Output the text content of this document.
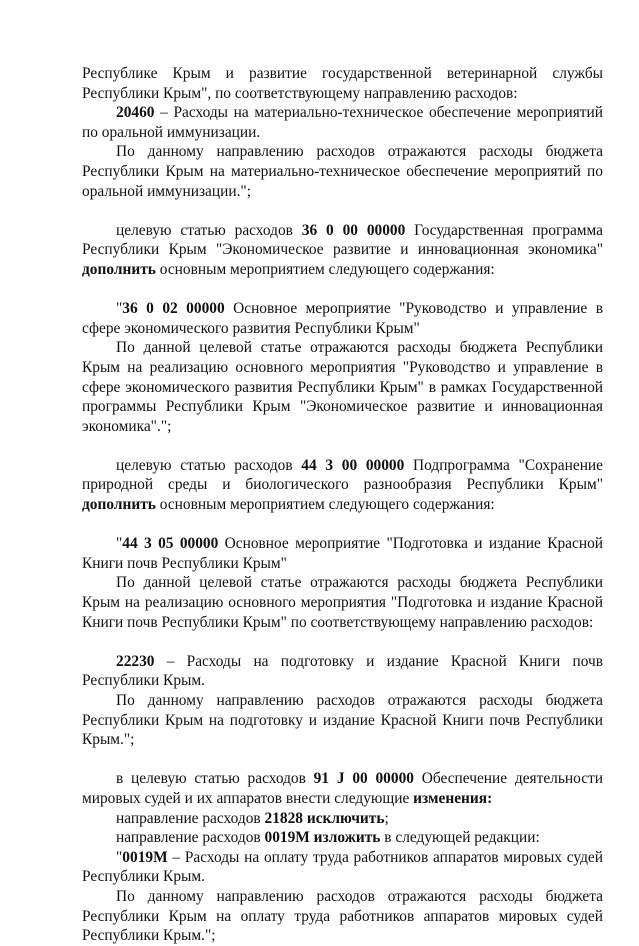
Республике Крым и развитие государственной ветеринарной службы Республики Крым", по соответствующему направлению расходов:

20460 – Расходы на материально-техническое обеспечение мероприятий по оральной иммунизации.

По данному направлению расходов отражаются расходы бюджета Республики Крым на материально-техническое обеспечение мероприятий по оральной иммунизации.";

целевую статью расходов 36 0 00 00000 Государственная программа Республики Крым "Экономическое развитие и инновационная экономика" дополнить основным мероприятием следующего содержания:

"36 0 02 00000 Основное мероприятие "Руководство и управление в сфере экономического развития Республики Крым"

По данной целевой статье отражаются расходы бюджета Республики Крым на реализацию основного мероприятия "Руководство и управление в сфере экономического развития Республики Крым" в рамках Государственной программы Республики Крым "Экономическое развитие и инновационная экономика".";

целевую статью расходов 44 3 00 00000 Подпрограмма "Сохранение природной среды и биологического разнообразия Республики Крым" дополнить основным мероприятием следующего содержания:

"44 3 05 00000 Основное мероприятие "Подготовка и издание Красной Книги почв Республики Крым"

По данной целевой статье отражаются расходы бюджета Республики Крым на реализацию основного мероприятия "Подготовка и издание Красной Книги почв Республики Крым" по соответствующему направлению расходов:

22230 – Расходы на подготовку и издание Красной Книги почв Республики Крым.

По данному направлению расходов отражаются расходы бюджета Республики Крым на подготовку и издание Красной Книги почв Республики Крым.";

в целевую статью расходов 91 J 00 00000 Обеспечение деятельности мировых судей и их аппаратов внести следующие изменения:

направление расходов 21828 исключить;

направление расходов 0019М изложить в следующей редакции:

"0019М – Расходы на оплату труда работников аппаратов мировых судей Республики Крым.

По данному направлению расходов отражаются расходы бюджета Республики Крым на оплату труда работников аппаратов мировых судей Республики Крым.";
